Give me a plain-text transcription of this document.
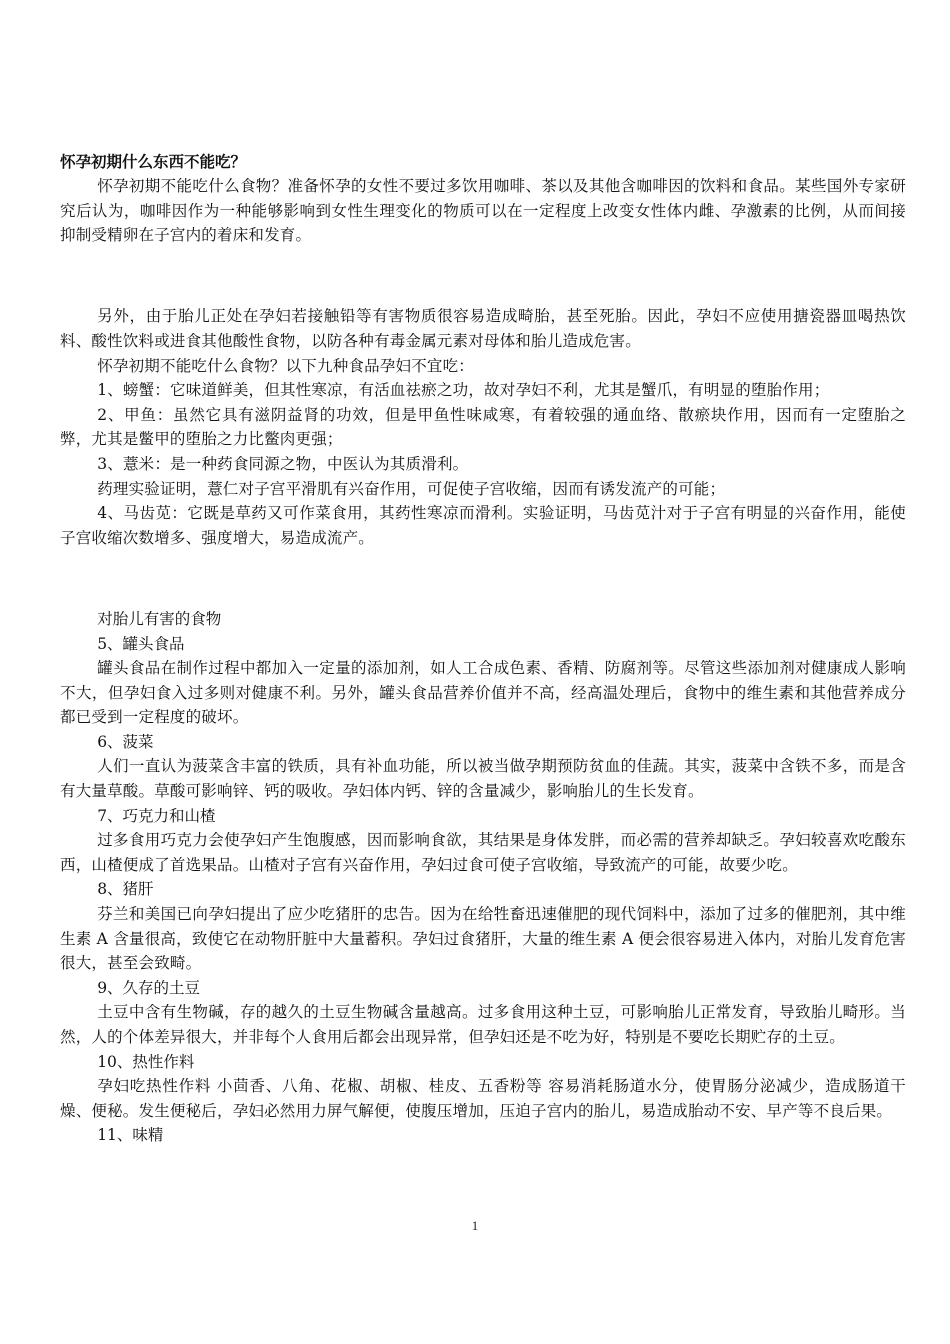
怀孕初期什么东西不能吃？

怀孕初期不能吃什么食物？准备怀孕的女性不要过多饮用咖啡、茶以及其他含咖啡因的饮料和食品。某些国外专家研究后认为，咖啡因作为一种能够影响到女性生理变化的物质可以在一定程度上改变女性体内雌、孕激素的比例，从而间接抑制受精卵在子宫内的着床和发育。

另外，由于胎儿正处在孕妇若接触铅等有害物质很容易造成畸胎，甚至死胎。因此，孕妇不应使用搪瓷器皿喝热饮料、酸性饮料或进食其他酸性食物，以防各种有毒金属元素对母体和胎儿造成危害。

怀孕初期不能吃什么食物？以下九种食品孕妇不宜吃：

1、螃蟹：它味道鲜美，但其性寒凉，有活血祛瘀之功，故对孕妇不利，尤其是蟹爪，有明显的堕胎作用；

2、甲鱼：虽然它具有滋阴益肾的功效，但是甲鱼性味咸寒，有着较强的通血络、散瘀块作用，因而有一定堕胎之弊，尤其是鳖甲的堕胎之力比鳖肉更强；

3、薏米：是一种药食同源之物，中医认为其质滑利。

药理实验证明，薏仁对子宫平滑肌有兴奋作用，可促使子宫收缩，因而有诱发流产的可能；

4、马齿苋：它既是草药又可作菜食用，其药性寒凉而滑利。实验证明，马齿苋汁对于子宫有明显的兴奋作用，能使子宫收缩次数增多、强度增大，易造成流产。

对胎儿有害的食物

5、罐头食品

罐头食品在制作过程中都加入一定量的添加剂，如人工合成色素、香精、防腐剂等。尽管这些添加剂对健康成人影响不大，但孕妇食入过多则对健康不利。另外，罐头食品营养价值并不高，经高温处理后，食物中的维生素和其他营养成分都已受到一定程度的破坏。

6、菠菜

人们一直认为菠菜含丰富的铁质，具有补血功能，所以被当做孕期预防贫血的佳蔬。其实，菠菜中含铁不多，而是含有大量草酸。草酸可影响锌、钙的吸收。孕妇体内钙、锌的含量减少，影响胎儿的生长发育。

7、巧克力和山楂

过多食用巧克力会使孕妇产生饱腹感，因而影响食欲，其结果是身体发胖，而必需的营养却缺乏。孕妇较喜欢吃酸东西，山楂便成了首选果品。山楂对子宫有兴奋作用，孕妇过食可使子宫收缩，导致流产的可能，故要少吃。

8、猪肝

芬兰和美国已向孕妇提出了应少吃猪肝的忠告。因为在给牲畜迅速催肥的现代饲料中，添加了过多的催肥剂，其中维生素 A 含量很高，致使它在动物肝脏中大量蓄积。孕妇过食猪肝，大量的维生素 A 便会很容易进入体内，对胎儿发育危害很大，甚至会致畸。

9、久存的土豆

土豆中含有生物碱，存的越久的土豆生物碱含量越高。过多食用这种土豆，可影响胎儿正常发育，导致胎儿畸形。当然，人的个体差异很大，并非每个人食用后都会出现异常，但孕妇还是不吃为好，特别是不要吃长期贮存的土豆。

10、热性作料

孕妇吃热性作料 小茴香、八角、花椒、胡椒、桂皮、五香粉等 容易消耗肠道水分，使胃肠分泌减少，造成肠道干燥、便秘。发生便秘后，孕妇必然用力屏气解便，使腹压增加，压迫子宫内的胎儿，易造成胎动不安、早产等不良后果。

11、味精

1
